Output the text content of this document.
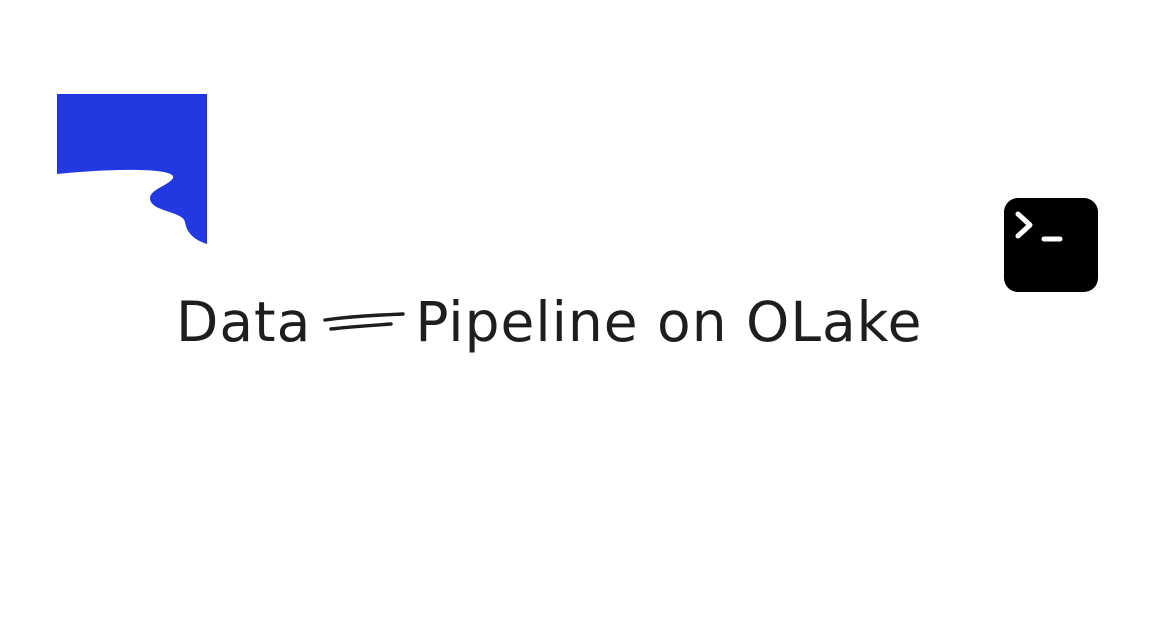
Data Pipeline on OLake
